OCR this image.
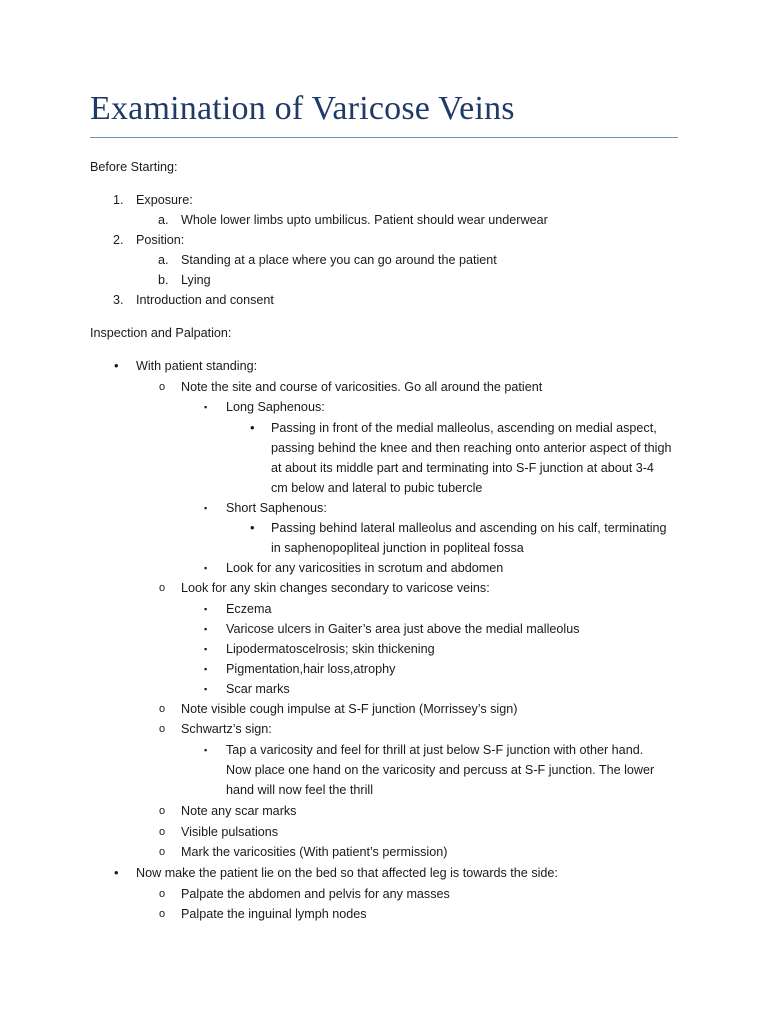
Examination of Varicose Veins
Before Starting:
1. Exposure:
a. Whole lower limbs upto umbilicus. Patient should wear underwear
2. Position:
a. Standing at a place where you can go around the patient
b. Lying
3. Introduction and consent
Inspection and Palpation:
• With patient standing:
o Note the site and course of varicosities. Go all around the patient
▪ Long Saphenous:
• Passing in front of the medial malleolus, ascending on medial aspect,
passing behind the knee and then reaching onto anterior aspect of thigh
at about its middle part and terminating into S-F junction at about 3-4
cm below and lateral to pubic tubercle
▪ Short Saphenous:
• Passing behind lateral malleolus and ascending on his calf, terminating
in saphenopopliteal junction in popliteal fossa
▪ Look for any varicosities in scrotum and abdomen
o Look for any skin changes secondary to varicose veins:
▪ Eczema
▪ Varicose ulcers in Gaiter’s area just above the medial malleolus
▪ Lipodermatoscelrosis; skin thickening
▪ Pigmentation,hair loss,atrophy
▪ Scar marks
o Note visible cough impulse at S-F junction (Morrissey’s sign)
o Schwartz’s sign:
▪ Tap a varicosity and feel for thrill at just below S-F junction with other hand.
Now place one hand on the varicosity and percuss at S-F junction. The lower
hand will now feel the thrill
o Note any scar marks
o Visible pulsations
o Mark the varicosities (With patient’s permission)
• Now make the patient lie on the bed so that affected leg is towards the side:
o Palpate the abdomen and pelvis for any masses
o Palpate the inguinal lymph nodes
